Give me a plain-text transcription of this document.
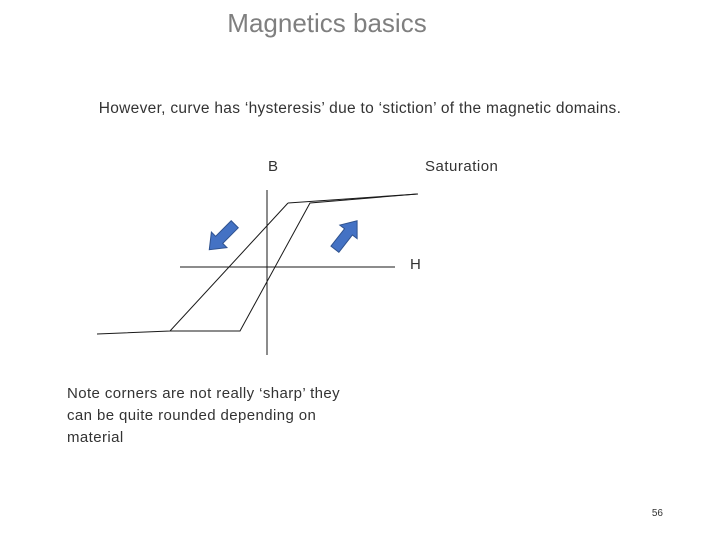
Magnetics basics

However, curve has ‘hysteresis’ due to ‘stiction’ of the magnetic domains.

B	Saturation
H

Note corners are not really ‘sharp’ they can be quite rounded depending on material

56
